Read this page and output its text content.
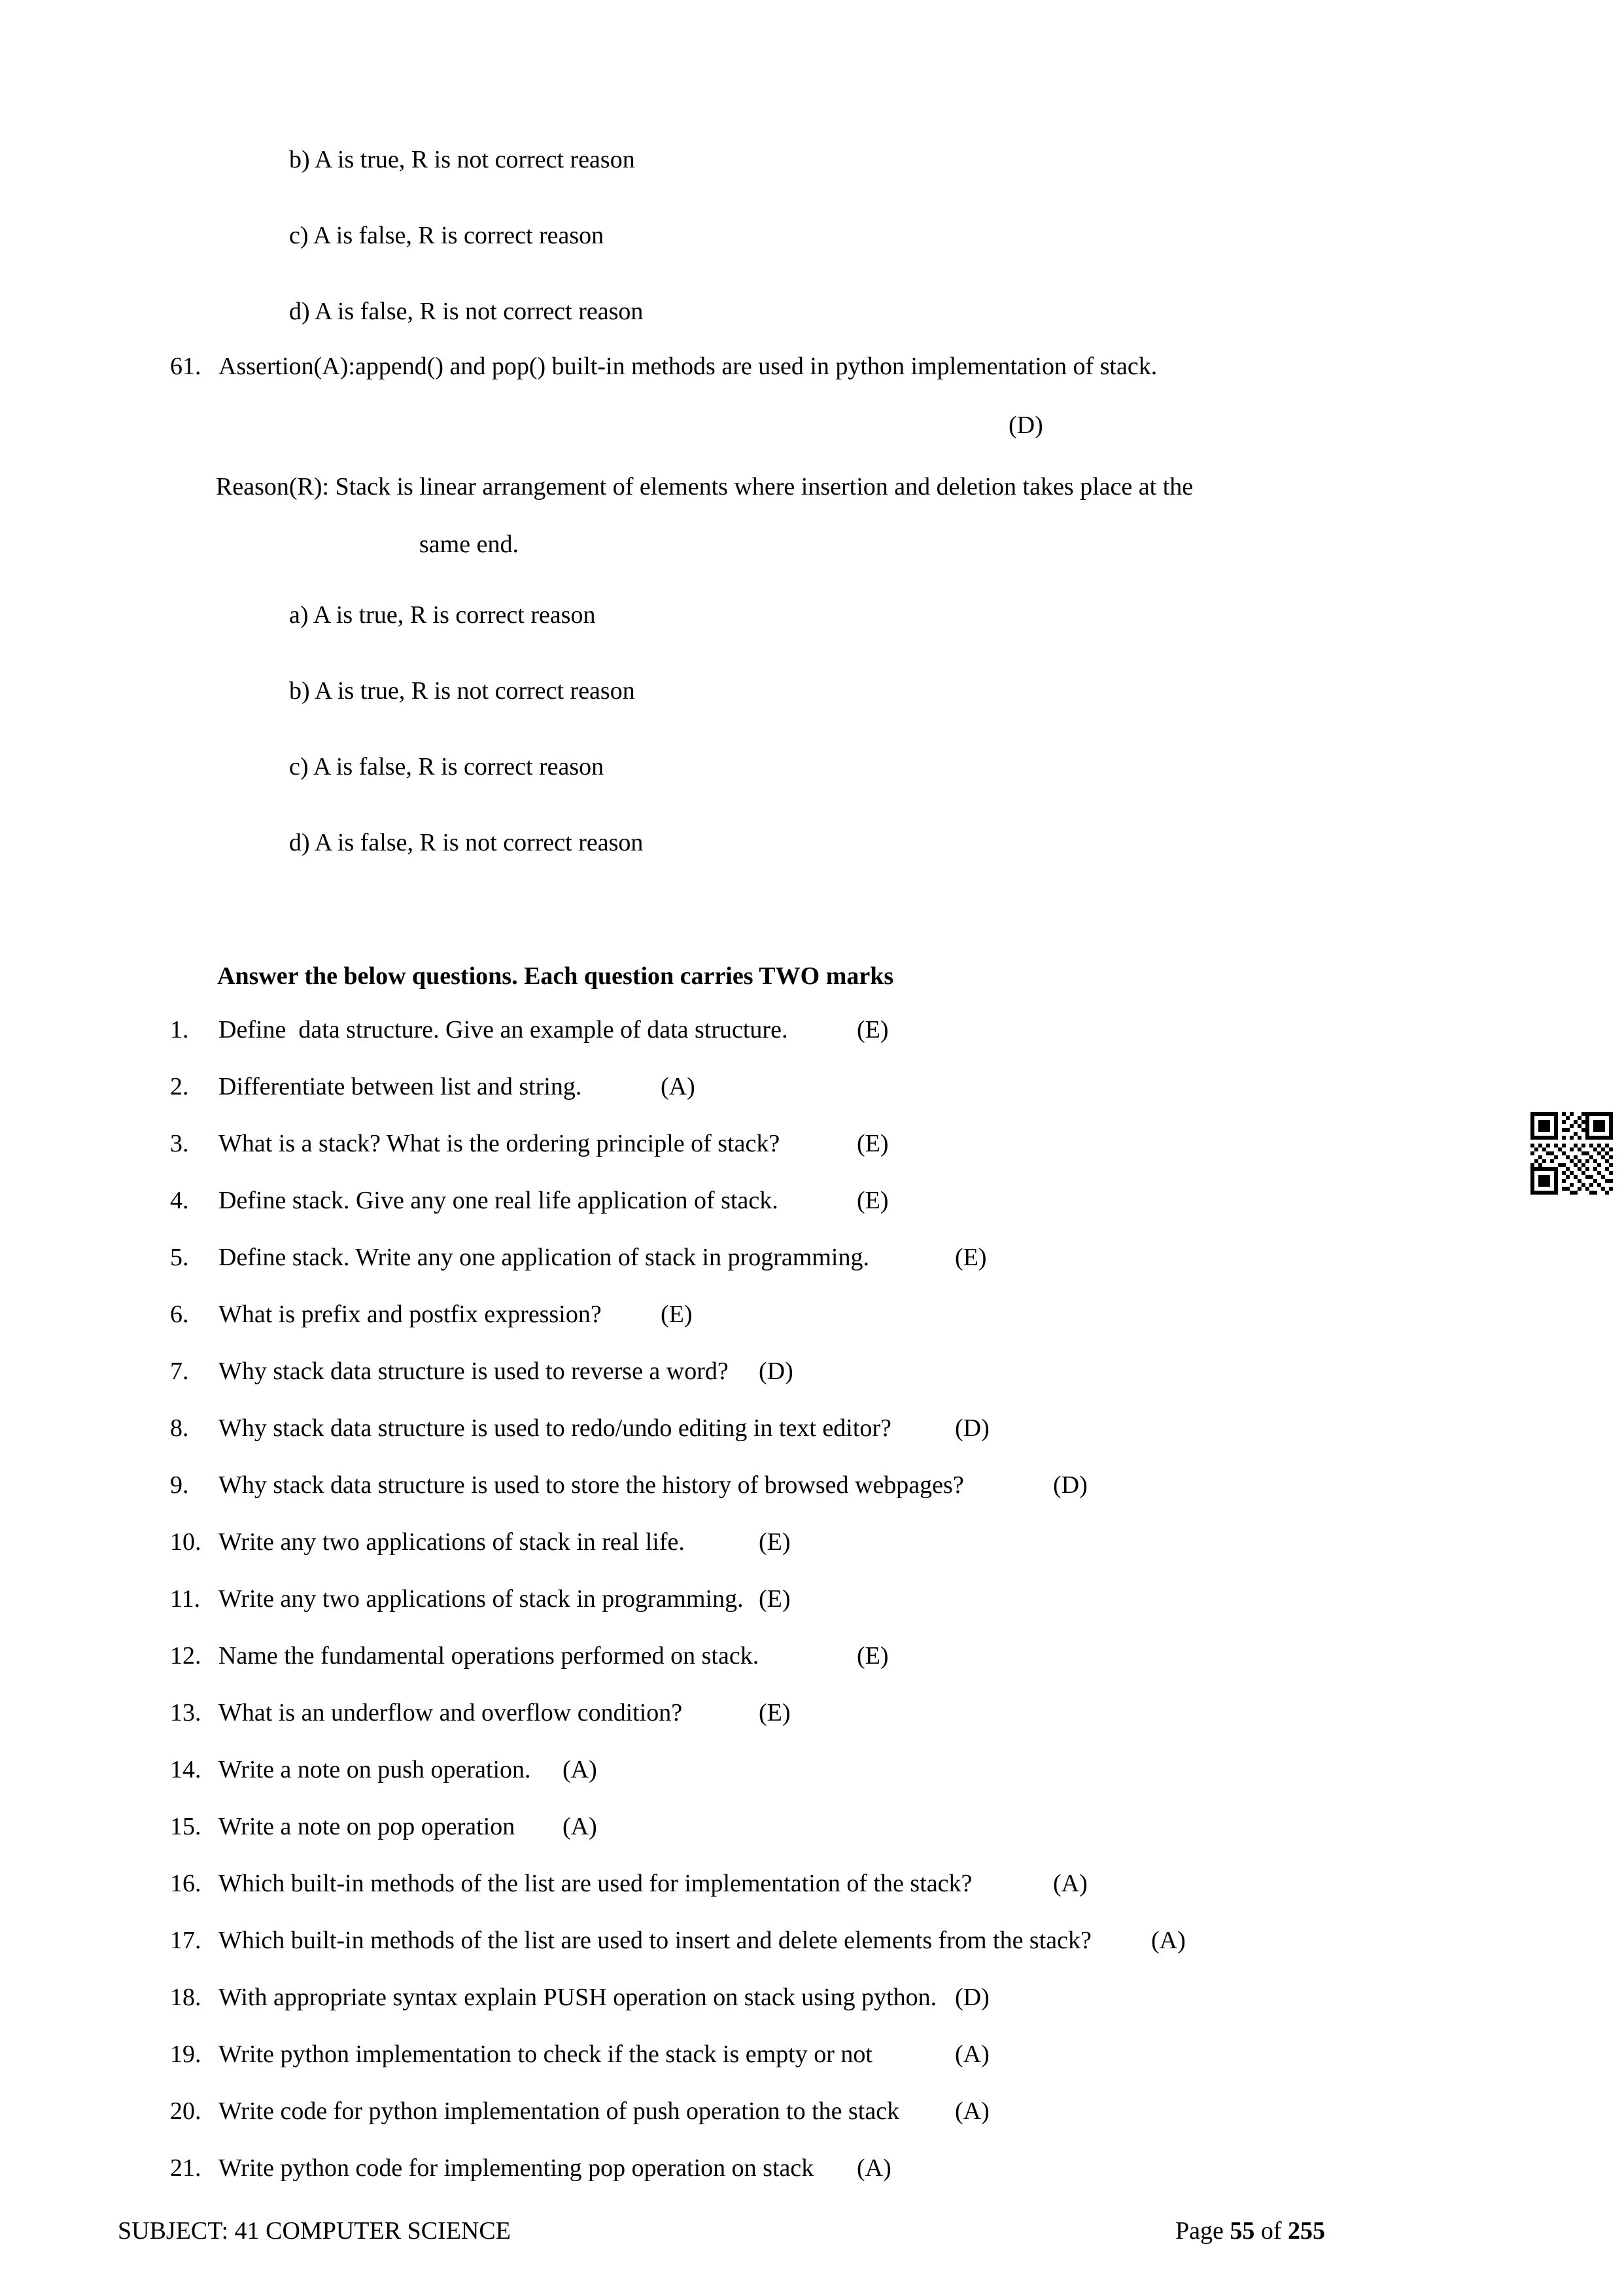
b) A is true, R is not correct reason
c) A is false, R is correct reason
d) A is false, R is not correct reason
61. Assertion(A):append() and pop() built-in methods are used in python implementation of stack.
(D)
Reason(R): Stack is linear arrangement of elements where insertion and deletion takes place at the
same end.
a) A is true, R is correct reason
b) A is true, R is not correct reason
c) A is false, R is correct reason
d) A is false, R is not correct reason
Answer the below questions. Each question carries TWO marks
1. Define  data structure. Give an example of data structure.		(E)
2. Differentiate between list and string.		(A)
3. What is a stack? What is the ordering principle of stack?		(E)
4. Define stack. Give any one real life application of stack.		(E)
5. Define stack. Write any one application of stack in programming.		(E)
6. What is prefix and postfix expression?	(E)
7. Why stack data structure is used to reverse a word?	(D)
8. Why stack data structure is used to redo/undo editing in text editor?		(D)
9. Why stack data structure is used to store the history of browsed webpages?		(D)
10. Write any two applications of stack in real life.		(E)
11. Write any two applications of stack in programming.	(E)
12. Name the fundamental operations performed on stack.		(E)
13. What is an underflow and overflow condition?		(E)
14. Write a note on push operation.	(A)
15. Write a note on pop operation	(A)
16. Which built-in methods of the list are used for implementation of the stack?		(A)
17. Which built-in methods of the list are used to insert and delete elements from the stack?	(A)
18. With appropriate syntax explain PUSH operation on stack using python.	(D)
19. Write python implementation to check if the stack is empty or not		(A)
20. Write code for python implementation of push operation to the stack	(A)
21. Write python code for implementing pop operation on stack	(A)
SUBJECT: 41 COMPUTER SCIENCE	Page 55 of 255
